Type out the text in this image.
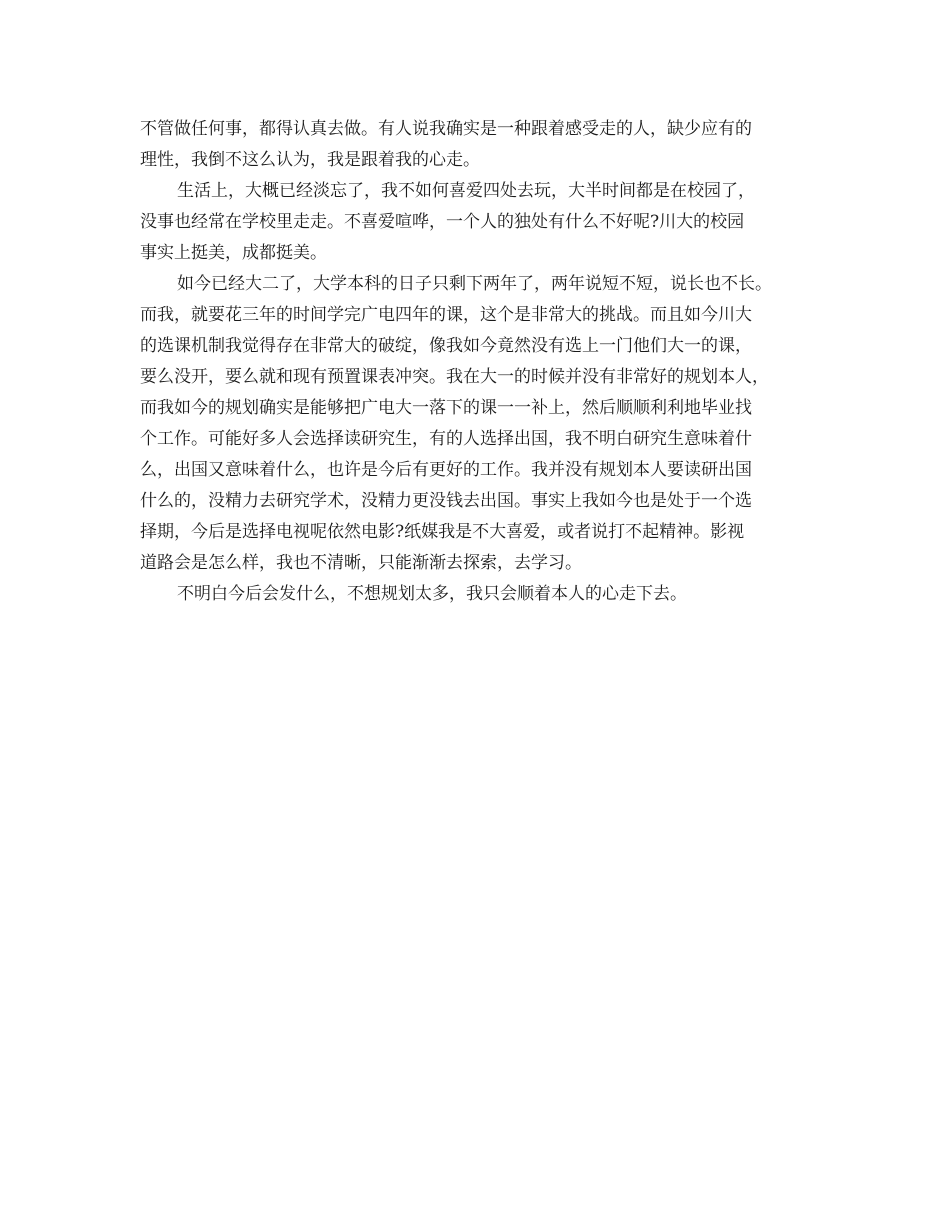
不管做任何事，都得认真去做。有人说我确实是一种跟着感受走的人，缺少应有的
理性，我倒不这么认为，我是跟着我的心走。
生活上，大概已经淡忘了，我不如何喜爱四处去玩，大半时间都是在校园了，
没事也经常在学校里走走。不喜爱喧哗，一个人的独处有什么不好呢?川大的校园
事实上挺美，成都挺美。
如今已经大二了，大学本科的日子只剩下两年了，两年说短不短，说长也不长。
而我，就要花三年的时间学完广电四年的课，这个是非常大的挑战。而且如今川大
的选课机制我觉得存在非常大的破绽，像我如今竟然没有选上一门他们大一的课，
要么没开，要么就和现有预置课表冲突。我在大一的时候并没有非常好的规划本人，
而我如今的规划确实是能够把广电大一落下的课一一补上，然后顺顺利利地毕业找
个工作。可能好多人会选择读研究生，有的人选择出国，我不明白研究生意味着什
么，出国又意味着什么，也许是今后有更好的工作。我并没有规划本人要读研出国
什么的，没精力去研究学术，没精力更没钱去出国。事实上我如今也是处于一个选
择期，今后是选择电视呢依然电影?纸媒我是不大喜爱，或者说打不起精神。影视
道路会是怎么样，我也不清晰，只能渐渐去探索，去学习。
不明白今后会发什么，不想规划太多，我只会顺着本人的心走下去。
